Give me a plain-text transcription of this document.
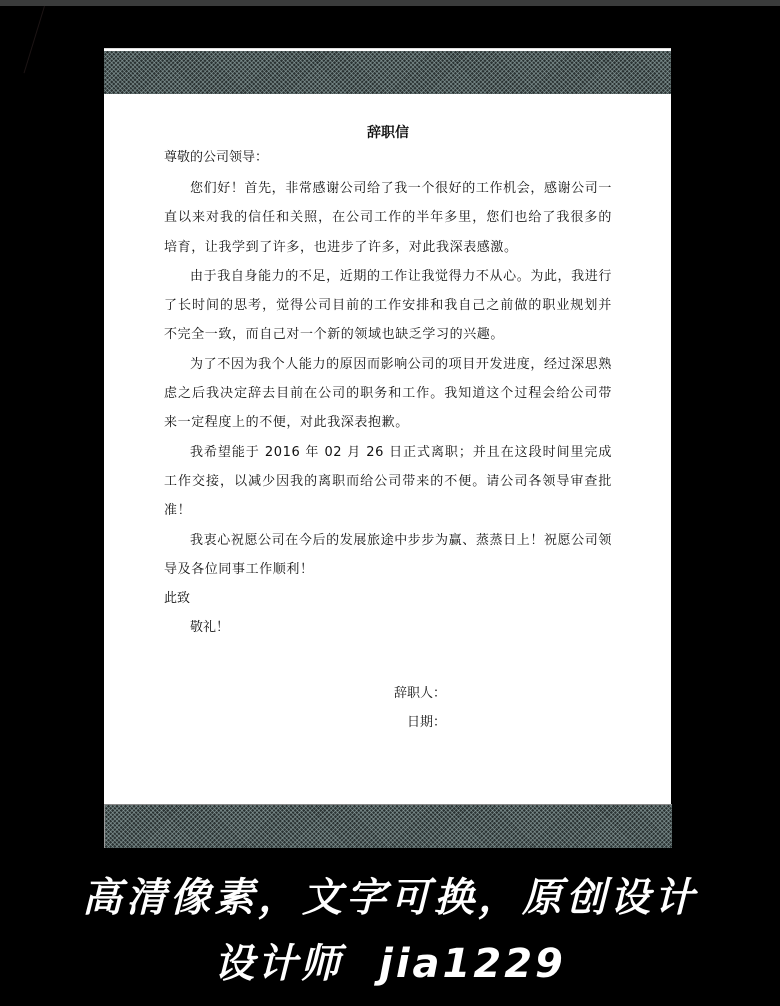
辞职信
尊敬的公司领导：

您们好！首先，非常感谢公司给了我一个很好的工作机会，感谢公司一直以来对我的信任和关照，在公司工作的半年多里，您们也给了我很多的培育，让我学到了许多，也进步了许多，对此我深表感激。

由于我自身能力的不足，近期的工作让我觉得力不从心。为此，我进行了长时间的思考，觉得公司目前的工作安排和我自己之前做的职业规划并不完全一致，而自己对一个新的领域也缺乏学习的兴趣。

为了不因为我个人能力的原因而影响公司的项目开发进度，经过深思熟虑之后我决定辞去目前在公司的职务和工作。我知道这个过程会给公司带来一定程度上的不便，对此我深表抱歉。

我希望能于 2016 年 02 月 26 日正式离职；并且在这段时间里完成工作交接，以减少因我的离职而给公司带来的不便。请公司各领导审查批准！

我衷心祝愿公司在今后的发展旅途中步步为赢、蒸蒸日上！祝愿公司领导及各位同事工作顺利！

此致
敬礼！
辞职人：
日期：
高清像素，文字可换，原创设计
设计师 jia1229
